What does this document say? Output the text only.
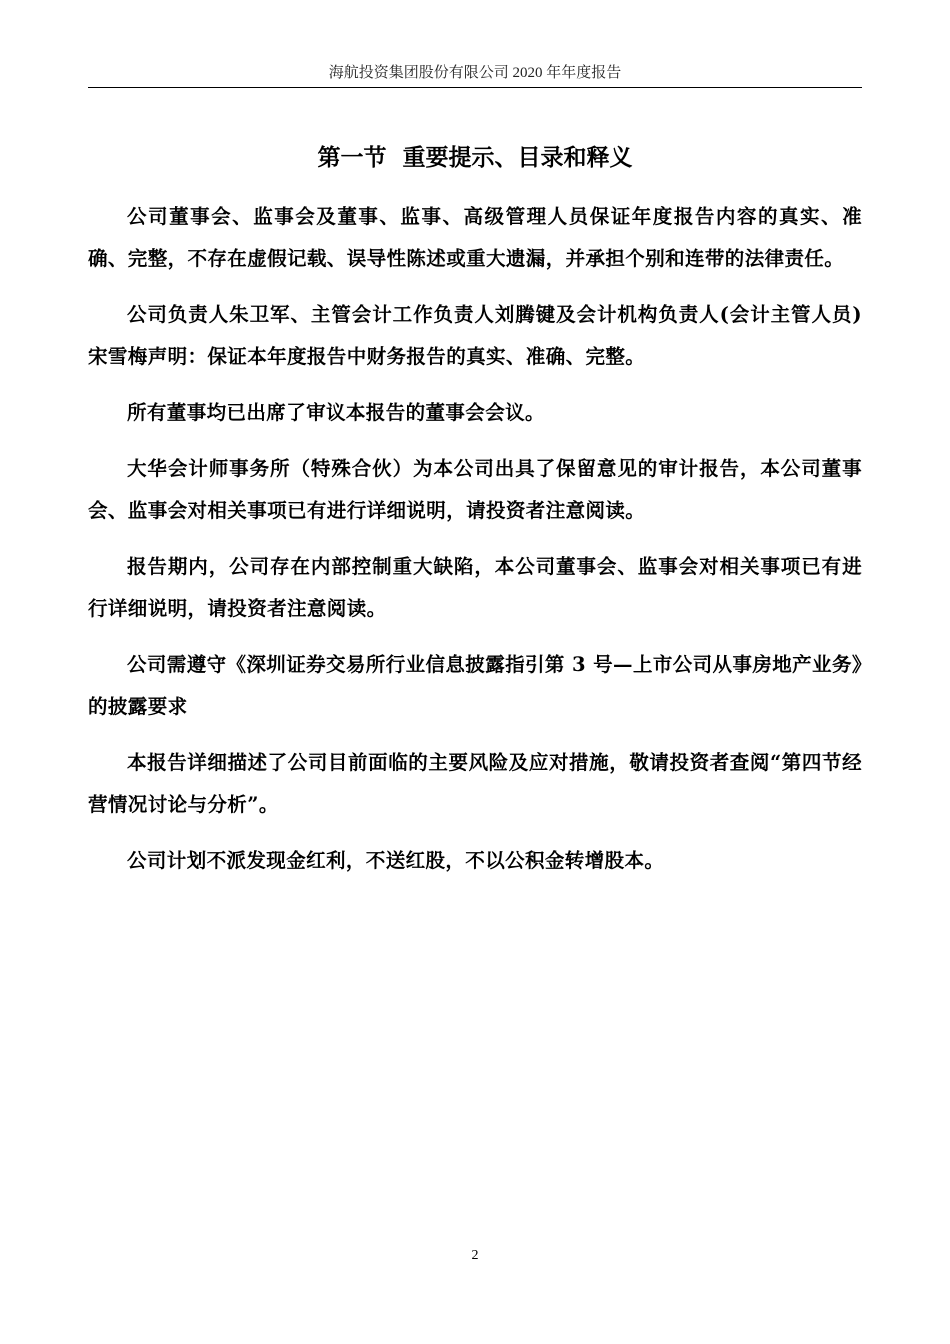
海航投资集团股份有限公司 2020 年年度报告
第一节  重要提示、目录和释义

公司董事会、监事会及董事、监事、高级管理人员保证年度报告内容的真实、准确、完整，不存在虚假记载、误导性陈述或重大遗漏，并承担个别和连带的法律责任。

公司负责人朱卫军、主管会计工作负责人刘腾键及会计机构负责人(会计主管人员)宋雪梅声明：保证本年度报告中财务报告的真实、准确、完整。

所有董事均已出席了审议本报告的董事会会议。

大华会计师事务所（特殊合伙）为本公司出具了保留意见的审计报告，本公司董事会、监事会对相关事项已有进行详细说明，请投资者注意阅读。

报告期内，公司存在内部控制重大缺陷，本公司董事会、监事会对相关事项已有进行详细说明，请投资者注意阅读。

公司需遵守《深圳证券交易所行业信息披露指引第 3 号—上市公司从事房地产业务》的披露要求

本报告详细描述了公司目前面临的主要风险及应对措施，敬请投资者查阅“第四节经营情况讨论与分析”。

公司计划不派发现金红利，不送红股，不以公积金转增股本。

2
